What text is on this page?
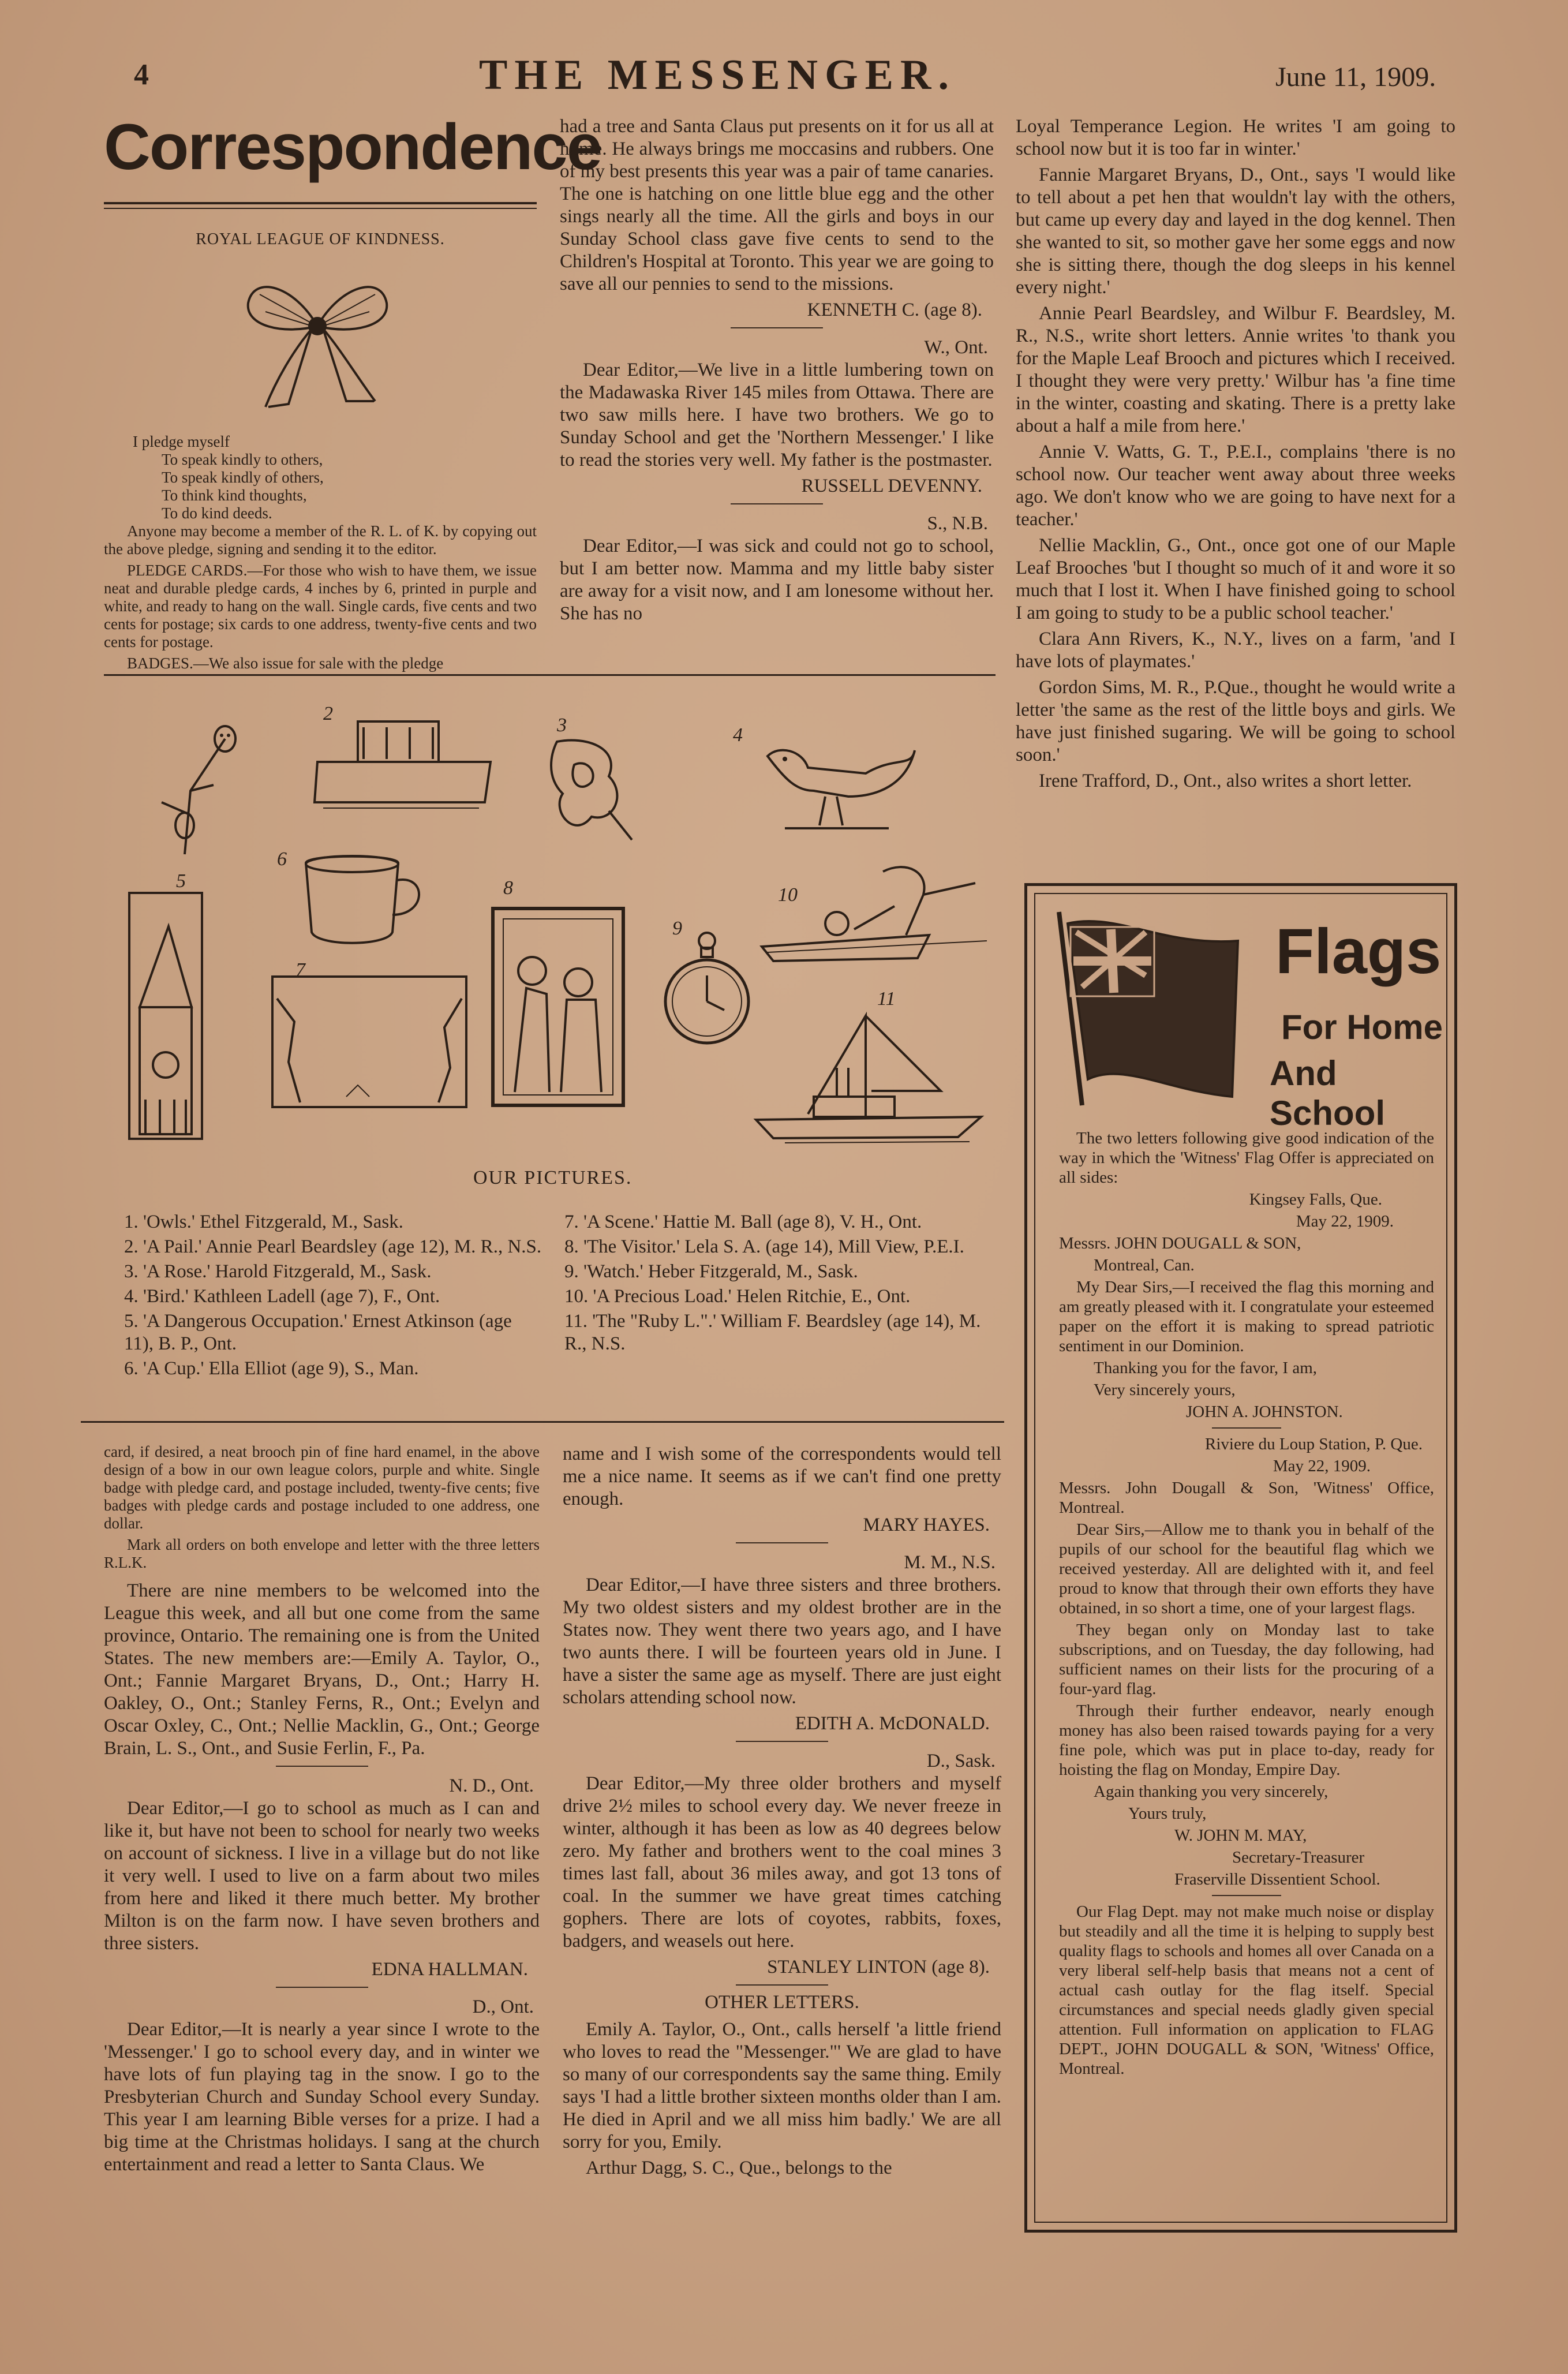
4	THE MESSENGER.	June 11, 1909.
Correspondence
ROYAL LEAGUE OF KINDNESS.
I pledge myself
To speak kindly to others,
To speak kindly of others,
To think kind thoughts,
To do kind deeds.

Anyone may become a member of the R. L. of K. by copying out the above pledge, signing and sending it to the editor.

PLEDGE CARDS.—For those who wish to have them, we issue neat and durable pledge cards, 4 inches by 6, printed in purple and white, and ready to hang on the wall. Single cards, five cents and two cents for postage; six cards to one address, twenty-five cents and two cents for postage.

BADGES.—We also issue for sale with the pledge

had a tree and Santa Claus put presents on it for us all at home. He always brings me moccasins and rubbers. One of my best presents this year was a pair of tame canaries. The one is hatching on one little blue egg and the other sings nearly all the time. All the girls and boys in our Sunday School class gave five cents to send to the Children's Hospital at Toronto. This year we are going to save all our pennies to send to the missions.

KENNETH C. (age 8).
W., Ont.

Dear Editor,—We live in a little lumbering town on the Madawaska River 145 miles from Ottawa. There are two saw mills here. I have two brothers. We go to Sunday School and get the 'Northern Messenger.' I like to read the stories very well. My father is the postmaster.

RUSSELL DEVENNY.
S., N.B.

Dear Editor,—I was sick and could not go to school, but I am better now. Mamma and my little baby sister are away for a visit now, and I am lonesome without her. She has no

Loyal Temperance Legion. He writes 'I am going to school now but it is too far in winter.'

Fannie Margaret Bryans, D., Ont., says 'I would like to tell about a pet hen that wouldn't lay with the others, but came up every day and layed in the dog kennel. Then she wanted to sit, so mother gave her some eggs and now she is sitting there, though the dog sleeps in his kennel every night.'

Annie Pearl Beardsley, and Wilbur F. Beardsley, M. R., N.S., write short letters. Annie writes 'to thank you for the Maple Leaf Brooch and pictures which I received. I thought they were very pretty.' Wilbur has 'a fine time in the winter, coasting and skating. There is a pretty lake about a half a mile from here.'

Annie V. Watts, G. T., P.E.I., complains 'there is no school now. Our teacher went away about three weeks ago. We don't know who we are going to have next for a teacher.'

Nellie Macklin, G., Ont., once got one of our Maple Leaf Brooches 'but I thought so much of it and wore it so much that I lost it. When I have finished going to school I am going to study to be a public school teacher.'

Clara Ann Rivers, K., N.Y., lives on a farm, 'and I have lots of playmates.'

Gordon Sims, M. R., P.Que., thought he would write a letter 'the same as the rest of the little boys and girls. We have just finished sugaring. We will be going to school soon.'

Irene Trafford, D., Ont., also writes a short letter.

2
3	4
5
6
7
8
9
10
11
OUR PICTURES.
1. 'Owls.' Ethel Fitzgerald, M., Sask.
2. 'A Pail.' Annie Pearl Beardsley (age 12), M. R., N.S.
3. 'A Rose.' Harold Fitzgerald, M., Sask.
4. 'Bird.' Kathleen Ladell (age 7), F., Ont.
5. 'A Dangerous Occupation.' Ernest Atkinson (age 11), B. P., Ont.
6. 'A Cup.' Ella Elliot (age 9), S., Man.
7. 'A Scene.' Hattie M. Ball (age 8), V. H., Ont.
8. 'The Visitor.' Lela S. A. (age 14), Mill View, P.E.I.
9. 'Watch.' Heber Fitzgerald, M., Sask.
10. 'A Precious Load.' Helen Ritchie, E., Ont.
11. 'The "Ruby L.".' William F. Beardsley (age 14), M. R., N.S.

card, if desired, a neat brooch pin of fine hard enamel, in the above design of a bow in our own league colors, purple and white. Single badge with pledge card, and postage included, twenty-five cents; five badges with pledge cards and postage included to one address, one dollar.

Mark all orders on both envelope and letter with the three letters R.L.K.

There are nine members to be welcomed into the League this week, and all but one come from the same province, Ontario. The remaining one is from the United States. The new members are:—Emily A. Taylor, O., Ont.; Fannie Margaret Bryans, D., Ont.; Harry H. Oakley, O., Ont.; Stanley Ferns, R., Ont.; Evelyn and Oscar Oxley, C., Ont.; Nellie Macklin, G., Ont.; George Brain, L. S., Ont., and Susie Ferlin, F., Pa.

N. D., Ont.

Dear Editor,—I go to school as much as I can and like it, but have not been to school for nearly two weeks on account of sickness. I live in a village but do not like it very well. I used to live on a farm about two miles from here and liked it there much better. My brother Milton is on the farm now. I have seven brothers and three sisters.

EDNA HALLMAN.
D., Ont.

Dear Editor,—It is nearly a year since I wrote to the 'Messenger.' I go to school every day, and in winter we have lots of fun playing tag in the snow. I go to the Presbyterian Church and Sunday School every Sunday. This year I am learning Bible verses for a prize. I had a big time at the Christmas holidays. I sang at the church entertainment and read a letter to Santa Claus. We

name and I wish some of the correspondents would tell me a nice name. It seems as if we can't find one pretty enough.

MARY HAYES.
M. M., N.S.

Dear Editor,—I have three sisters and three brothers. My two oldest sisters and my oldest brother are in the States now. They went there two years ago, and I have two aunts there. I will be fourteen years old in June. I have a sister the same age as myself. There are just eight scholars attending school now.

EDITH A. McDONALD.
D., Sask.

Dear Editor,—My three older brothers and myself drive 2½ miles to school every day. We never freeze in winter, although it has been as low as 40 degrees below zero. My father and brothers went to the coal mines 3 times last fall, about 36 miles away, and got 13 tons of coal. In the summer we have great times catching gophers. There are lots of coyotes, rabbits, foxes, badgers, and weasels out here.

STANLEY LINTON (age 8).
OTHER LETTERS.

Emily A. Taylor, O., Ont., calls herself 'a little friend who loves to read the "Messenger."' We are glad to have so many of our correspondents say the same thing. Emily says 'I had a little brother sixteen months older than I am. He died in April and we all miss him badly.' We are all sorry for you, Emily.

Arthur Dagg, S. C., Que., belongs to the

Flags
For Home
And School

The two letters following give good indication of the way in which the 'Witness' Flag Offer is appreciated on all sides:

Kingsey Falls, Que.

May 22, 1909.

Messrs. JOHN DOUGALL & SON,

Montreal, Can.

My Dear Sirs,—I received the flag this morning and am greatly pleased with it. I congratulate your esteemed paper on the effort it is making to spread patriotic sentiment in our Dominion.

Thanking you for the favor, I am,

Very sincerely yours,

JOHN A. JOHNSTON.

Riviere du Loup Station, P. Que.

May 22, 1909.

Messrs. John Dougall & Son, 'Witness' Office, Montreal.

Dear Sirs,—Allow me to thank you in behalf of the pupils of our school for the beautiful flag which we received yesterday. All are delighted with it, and feel proud to know that through their own efforts they have obtained, in so short a time, one of your largest flags.

They began only on Monday last to take subscriptions, and on Tuesday, the day following, had sufficient names on their lists for the procuring of a four-yard flag.

Through their further endeavor, nearly enough money has also been raised towards paying for a very fine pole, which was put in place to-day, ready for hoisting the flag on Monday, Empire Day.

Again thanking you very sincerely,

Yours truly,

W. JOHN M. MAY,

Secretary-Treasurer

Fraserville Dissentient School.

Our Flag Dept. may not make much noise or display but steadily and all the time it is helping to supply best quality flags to schools and homes all over Canada on a very liberal self-help basis that means not a cent of actual cash outlay for the flag itself. Special circumstances and special needs gladly given special attention. Full information on application to FLAG DEPT., JOHN DOUGALL & SON, 'Witness' Office, Montreal.
